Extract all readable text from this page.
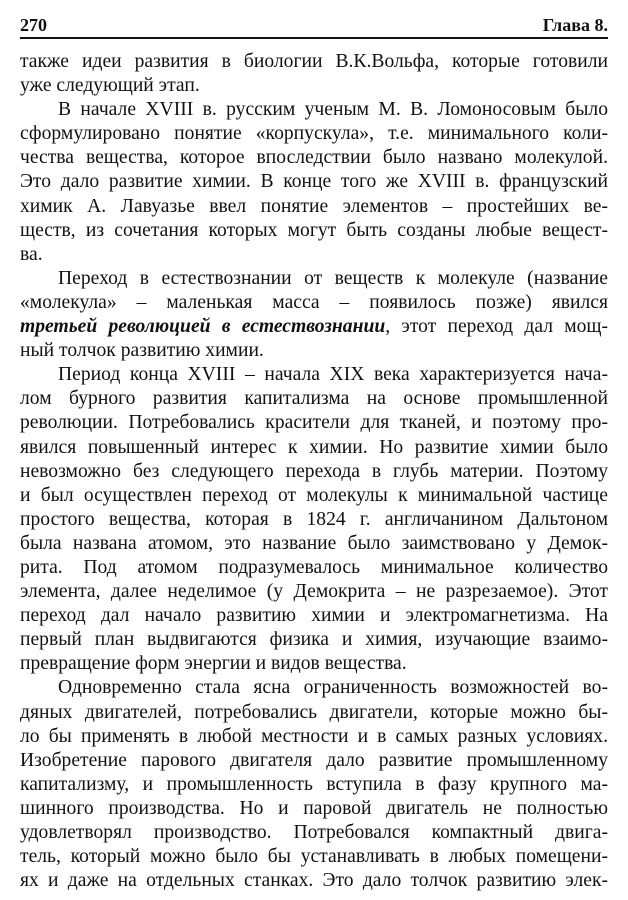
270	Глава 8.
также идеи развития в биологии В.К.Вольфа, которые готовили
уже следующий этап.
В начале XVIII в. русским ученым М. В. Ломоносовым было
сформулировано понятие «корпускула», т.е. минимального коли-
чества вещества, которое впоследствии было названо молекулой.
Это дало развитие химии. В конце того же XVIII в. французский
химик А. Лавуазье ввел понятие элементов – простейших ве-
ществ, из сочетания которых могут быть созданы любые вещест-
ва.
Переход в естествознании от веществ к молекуле (название
«молекула» – маленькая масса – появилось позже) явился
третьей революцией в естествознании, этот переход дал мощ-
ный толчок развитию химии.
Период конца XVIII – начала XIX века характеризуется нача-
лом бурного развития капитализма на основе промышленной
революции. Потребовались красители для тканей, и поэтому про-
явился повышенный интерес к химии. Но развитие химии было
невозможно без следующего перехода в глубь материи. Поэтому
и был осуществлен переход от молекулы к минимальной частице
простого вещества, которая в 1824 г. англичанином Дальтоном
была названа атомом, это название было заимствовано у Демок-
рита. Под атомом подразумевалось минимальное количество
элемента, далее неделимое (у Демокрита – не разрезаемое). Этот
переход дал начало развитию химии и электромагнетизма. На
первый план выдвигаются физика и химия, изучающие взаимо-
превращение форм энергии и видов вещества.
Одновременно стала ясна ограниченность возможностей во-
дяных двигателей, потребовались двигатели, которые можно бы-
ло бы применять в любой местности и в самых разных условиях.
Изобретение парового двигателя дало развитие промышленному
капитализму, и промышленность вступила в фазу крупного ма-
шинного производства. Но и паровой двигатель не полностью
удовлетворял производство. Потребовался компактный двига-
тель, который можно было бы устанавливать в любых помещени-
ях и даже на отдельных станках. Это дало толчок развитию элек-
